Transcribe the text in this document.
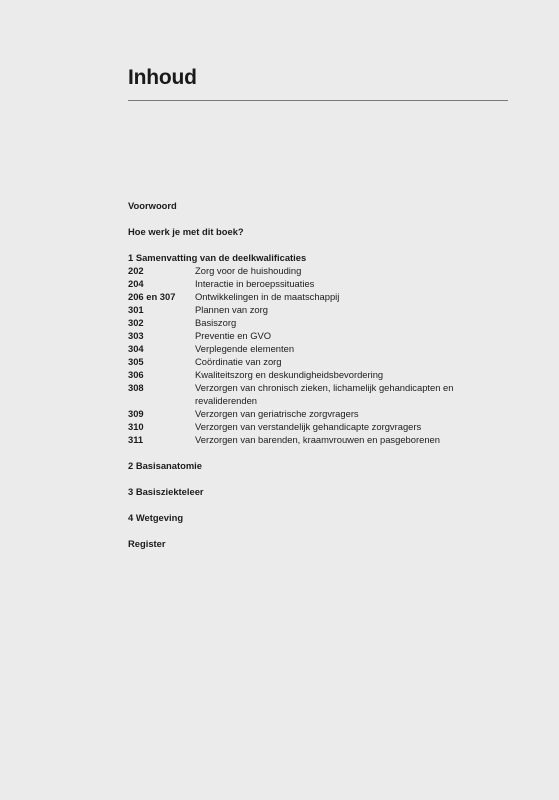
Inhoud
Voorwoord
Hoe werk je met dit boek?
1 Samenvatting van de deelkwalificaties
202	Zorg voor de huishouding
204	Interactie in beroepssituaties
206 en 307	Ontwikkelingen in de maatschappij
301	Plannen van zorg
302	Basiszorg
303	Preventie en GVO
304	Verplegende elementen
305	Coördinatie van zorg
306	Kwaliteitszorg en deskundigheidsbevordering
308	Verzorgen van chronisch zieken, lichamelijk gehandicapten en revaliderenden
309	Verzorgen van geriatrische zorgvragers
310	Verzorgen van verstandelijk gehandicapte zorgvragers
311	Verzorgen van barenden, kraamvrouwen en pasgeborenen
2 Basisanatomie
3 Basisziekteleer
4 Wetgeving
Register
